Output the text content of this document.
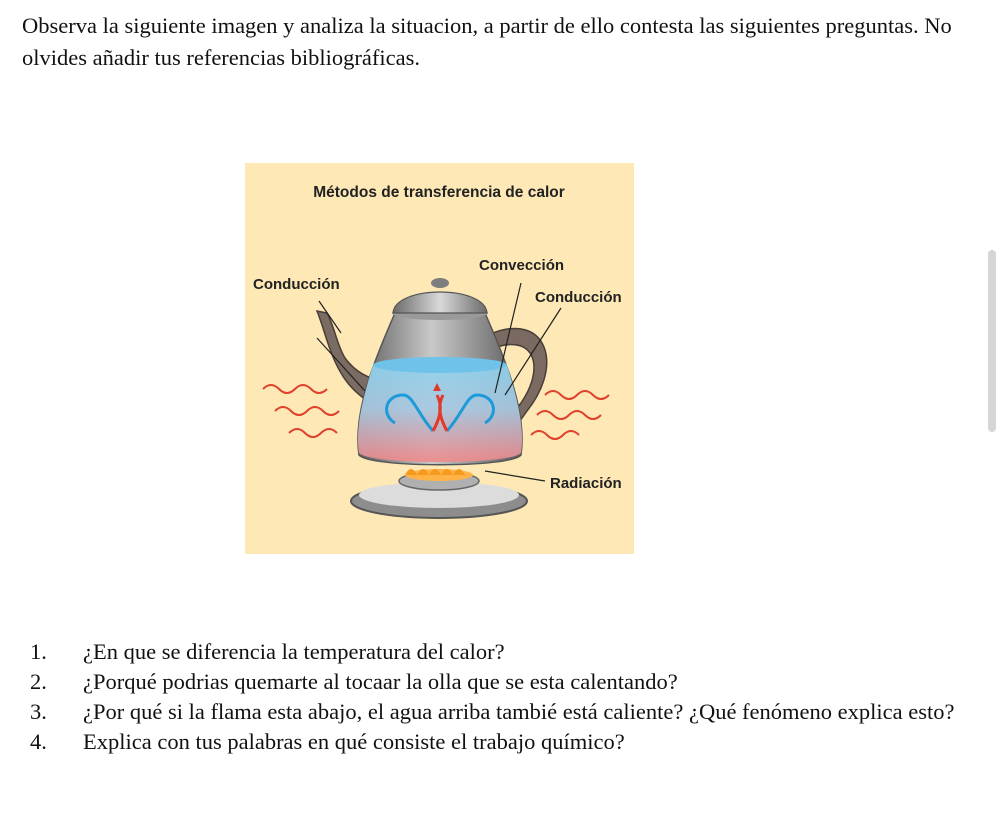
Observa la siguiente imagen y analiza la situacion, a partir de ello contesta las siguientes preguntas. No olvides añadir tus referencias bibliográficas.

Métodos de transferencia de calor
Conducción
Convección
Conducción
Radiación
1. ¿En que se diferencia la temperatura del calor?
2. ¿Porqué podrias quemarte al tocaar la olla que se esta calentando?
3. ¿Por qué si la flama esta abajo, el agua arriba tambié está caliente? ¿Qué fenómeno explica esto?
4. Explica con tus palabras en qué consiste el trabajo químico?
